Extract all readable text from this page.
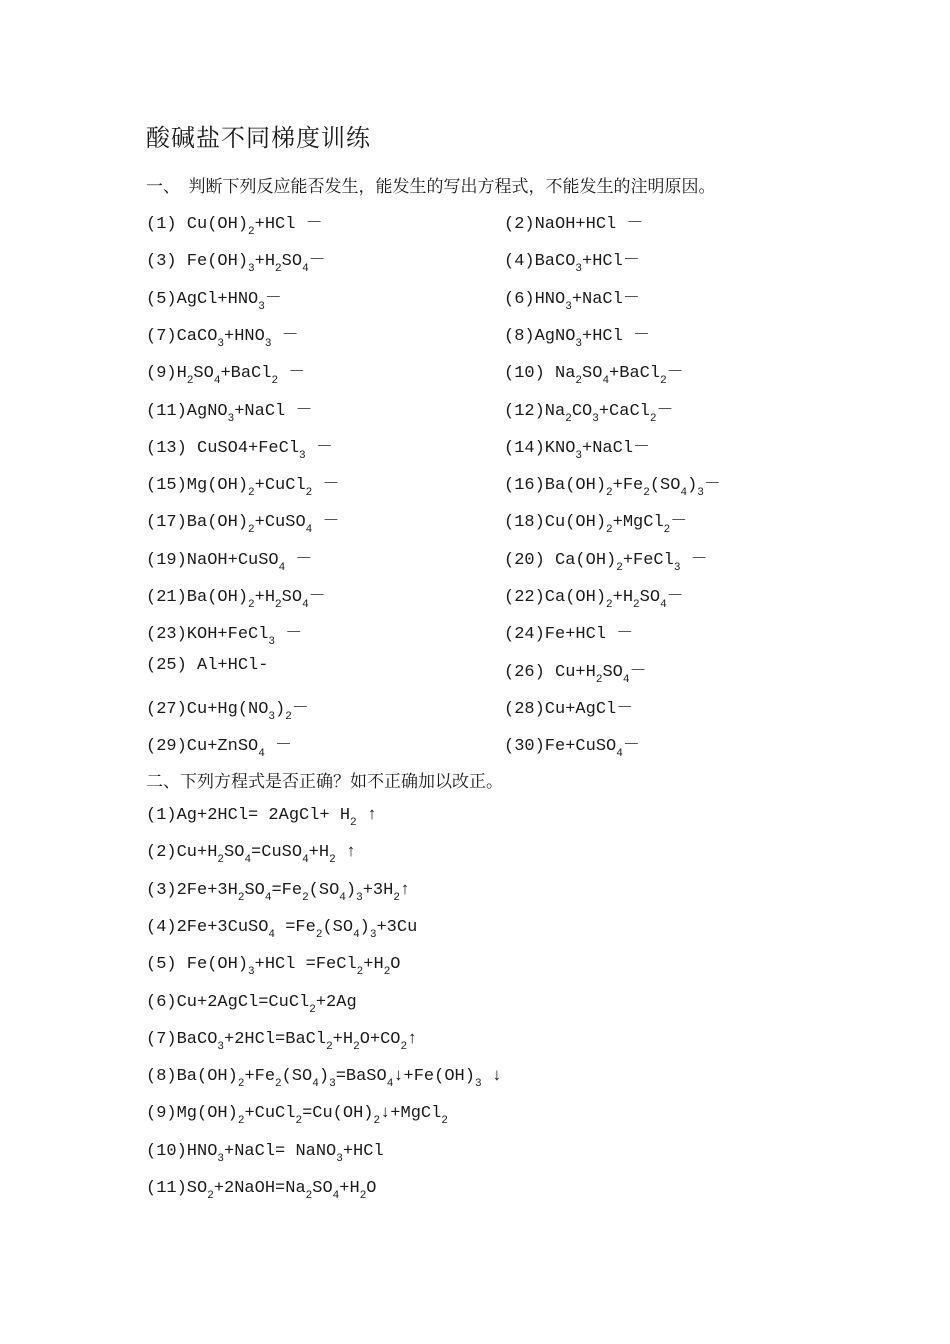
酸碱盐不同梯度训练
一、　判断下列反应能否发生，能发生的写出方程式，不能发生的注明原因。
(1) $Cu(OH)_2+HCl$ －	(2)NaOH+HCl －
(3) $Fe(OH)_3+H_2SO_4-$	(4)BaCO$_3$+HCl－
$(5)AgCl+HNO_3-$	$(6)HNO_3+NaCl-$
$(7)CaCO_3+HNO_3$ －	(8)AgNO$_3$+HCl －
$(9)H_2SO_4+BaCl_2$ －	(10) $Na_2SO_4+BaCl_2-$
(11)AgNO$_3$+NaCl －	$(12)Na_2CO_3+CaCl_2-$
(13) CuSO4+FeCl$_3$ －	$(14)KNO_3+NaCl-$
$(15)Mg(OH)_2+CuCl_2$ －	$(16)Ba(OH)_2+Fe_2(SO_4)_3-$
$(17)Ba(OH)_2+CuSO_4$ －	$(18)Cu(OH)_2+MgCl_2-$
(19)NaOH+CuSO$_4$ －	(20) $Ca(OH)_2+FeCl_3$ －
$(21)Ba(OH)_2+H_2SO_4-$	$(22)Ca(OH)_2+H_2SO_4-$
(23)KOH+FeCl$_3$ －	(24)Fe+HCl －
(25) Al+HCl-	(26) $Cu+H_2SO_4-$
$(27)Cu+Hg(NO_3)_2-$	(28)Cu+AgCl－
(29)Cu+ZnSO$_4$ －	(30)Fe+CuSO$_4$－
二、下列方程式是否正确？如不正确加以改正。
(1)Ag+2HCl= 2AgCl+ $H_2$ ↑
$(2)Cu+H_2SO_4=CuSO_4+H_2$ ↑
$(3)2Fe+3H_2SO_4=Fe_2(SO_4)_3+3H_2↑$
(4)2Fe+3CuSO$_4$ $=Fe_2(SO_4)_3+3Cu$
(5) $Fe(OH)_3+HCl$ $=FeCl_2+H_2O$
(6)Cu+2AgCl=CuCl$_2$+2Ag
$(7)BaCO_3+2HCl=BaCl_2+H_2O+CO_2↑$
$(8)Ba(OH)_2+Fe_2(SO_4)_3=BaSO_4↓+Fe(OH)_3$ ↓
$(9)Mg(OH)_2+CuCl_2=Cu(OH)_2↓+MgCl_2$
$(10)HNO_3+NaCl=$ NaNO$_3$+HCl
$(11)SO_2+2NaOH=Na_2SO_4+H_2O$
